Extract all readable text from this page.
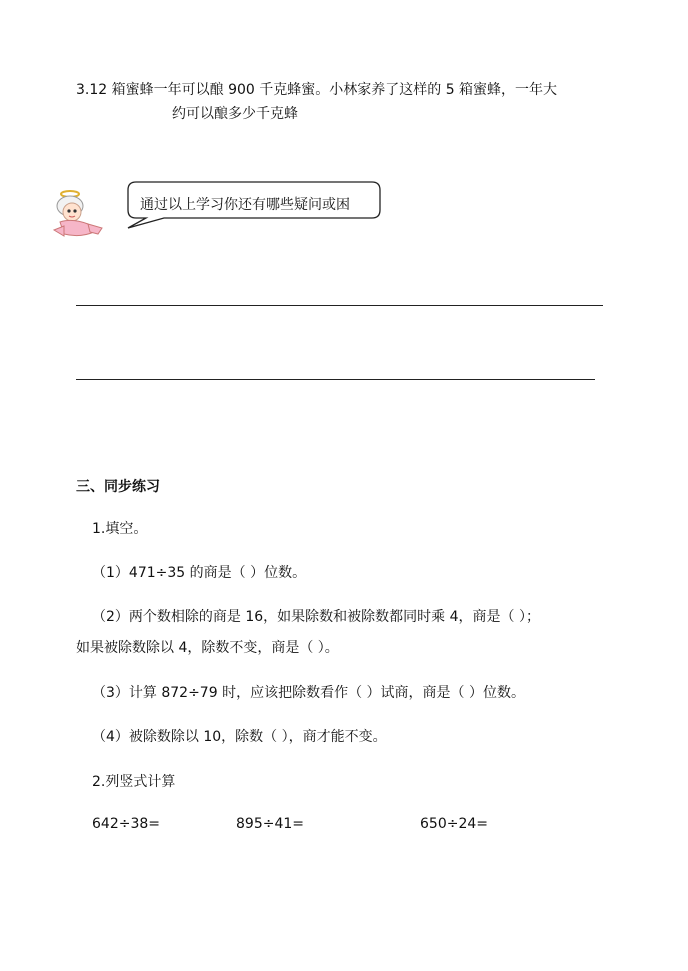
3.12 箱蜜蜂一年可以酿 900 千克蜂蜜。小林家养了这样的 5 箱蜜蜂，一年大
约可以酿多少千克蜂
通过以上学习你还有哪些疑问或困
三、同步练习
1.填空。
（1）471÷35 的商是（ ）位数。
（2）两个数相除的商是 16，如果除数和被除数都同时乘 4，商是（ ）；
如果被除数除以 4，除数不变，商是（ ）。
（3）计算 872÷79 时，应该把除数看作（ ）试商，商是（ ）位数。
（4）被除数除以 10，除数（ ），商才能不变。
2.列竖式计算
642÷38=	895÷41=	650÷24=
